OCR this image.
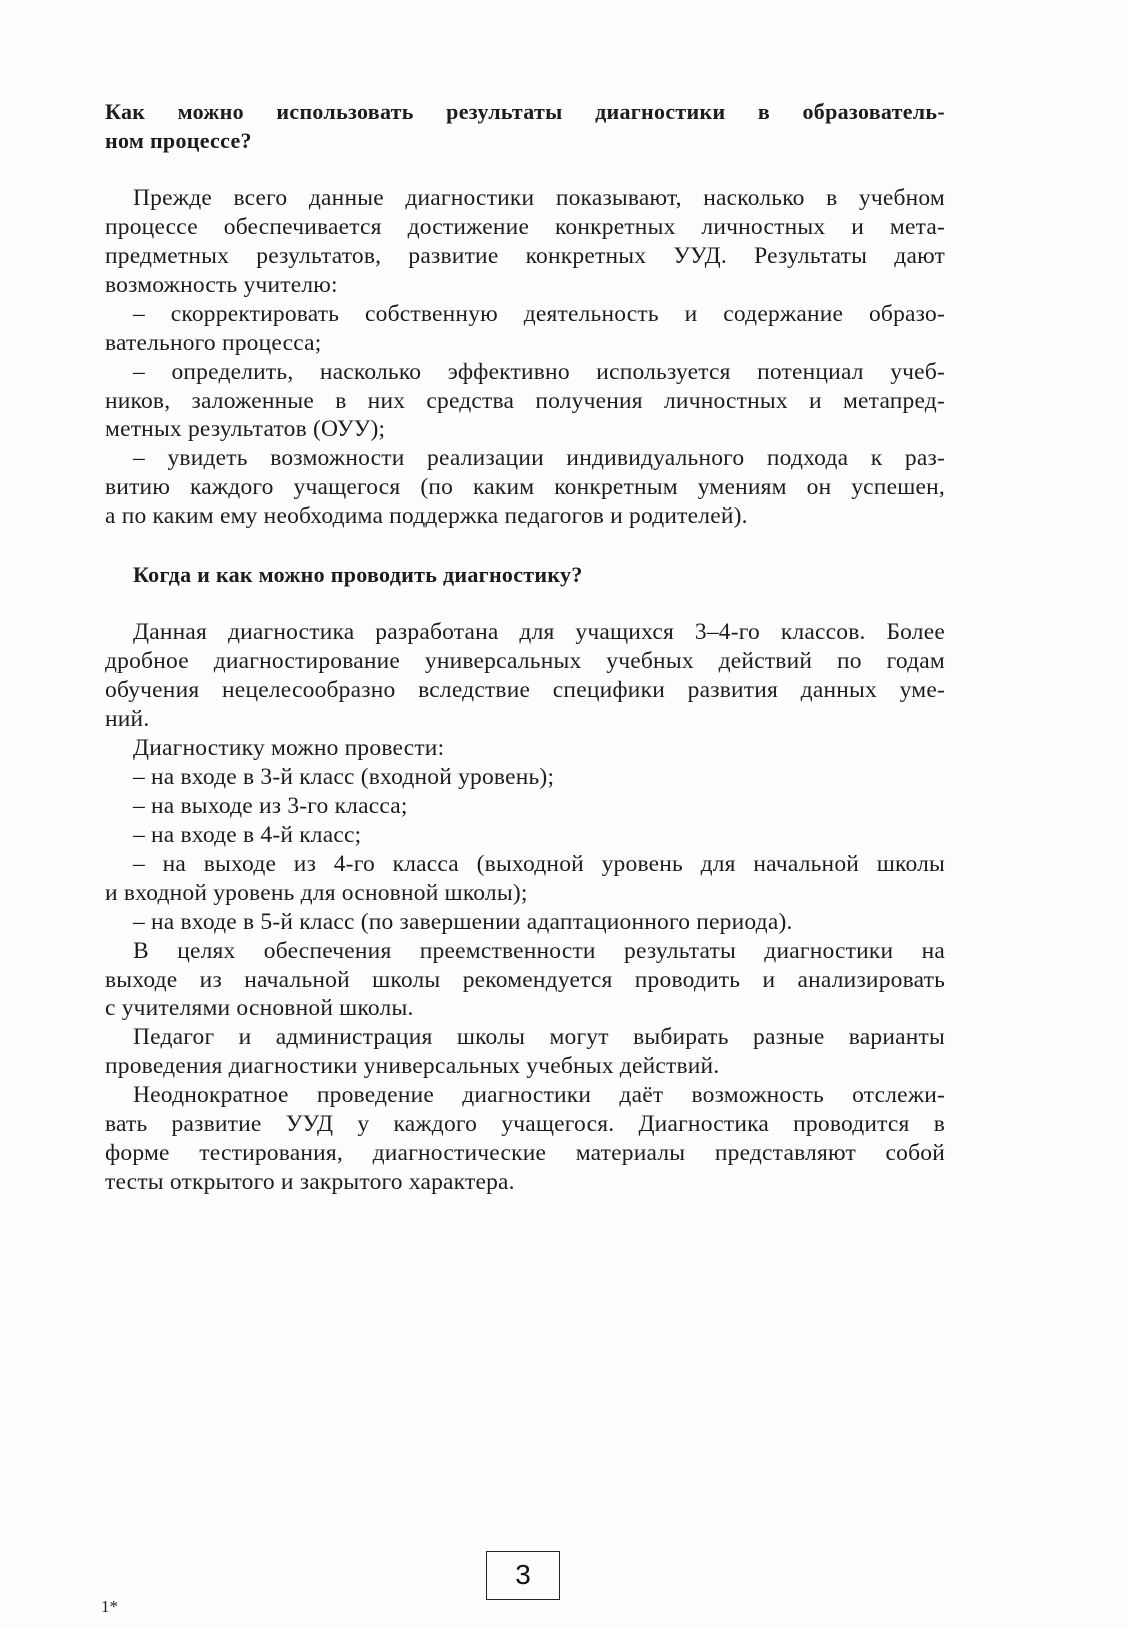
Как можно использовать результаты диагностики в образователь-
ном процессе?
Прежде всего данные диагностики показывают, насколько в учебном
процессе обеспечивается достижение конкретных личностных и мета-
предметных результатов, развитие конкретных УУД. Результаты дают
возможность учителю:
– скорректировать собственную деятельность и содержание образо-
вательного процесса;
– определить, насколько эффективно используется потенциал учеб-
ников, заложенные в них средства получения личностных и метапред-
метных результатов (ОУУ);
– увидеть возможности реализации индивидуального подхода к раз-
витию каждого учащегося (по каким конкретным умениям он успешен,
а по каким ему необходима поддержка педагогов и родителей).
Когда и как можно проводить диагностику?
Данная диагностика разработана для учащихся 3–4-го классов. Более
дробное диагностирование универсальных учебных действий по годам
обучения нецелесообразно вследствие специфики развития данных уме-
ний.
Диагностику можно провести:
– на входе в 3-й класс (входной уровень);
– на выходе из 3-го класса;
– на входе в 4-й класс;
– на выходе из 4-го класса (выходной уровень для начальной школы
и входной уровень для основной школы);
– на входе в 5-й класс (по завершении адаптационного периода).
В целях обеспечения преемственности результаты диагностики на
выходе из начальной школы рекомендуется проводить и анализировать
с учителями основной школы.
Педагог и администрация школы могут выбирать разные варианты
проведения диагностики универсальных учебных действий.
Неоднократное проведение диагностики даёт возможность отслежи-
вать развитие УУД у каждого учащегося. Диагностика проводится в
форме тестирования, диагностические материалы представляют собой
тесты открытого и закрытого характера.
1*
3
